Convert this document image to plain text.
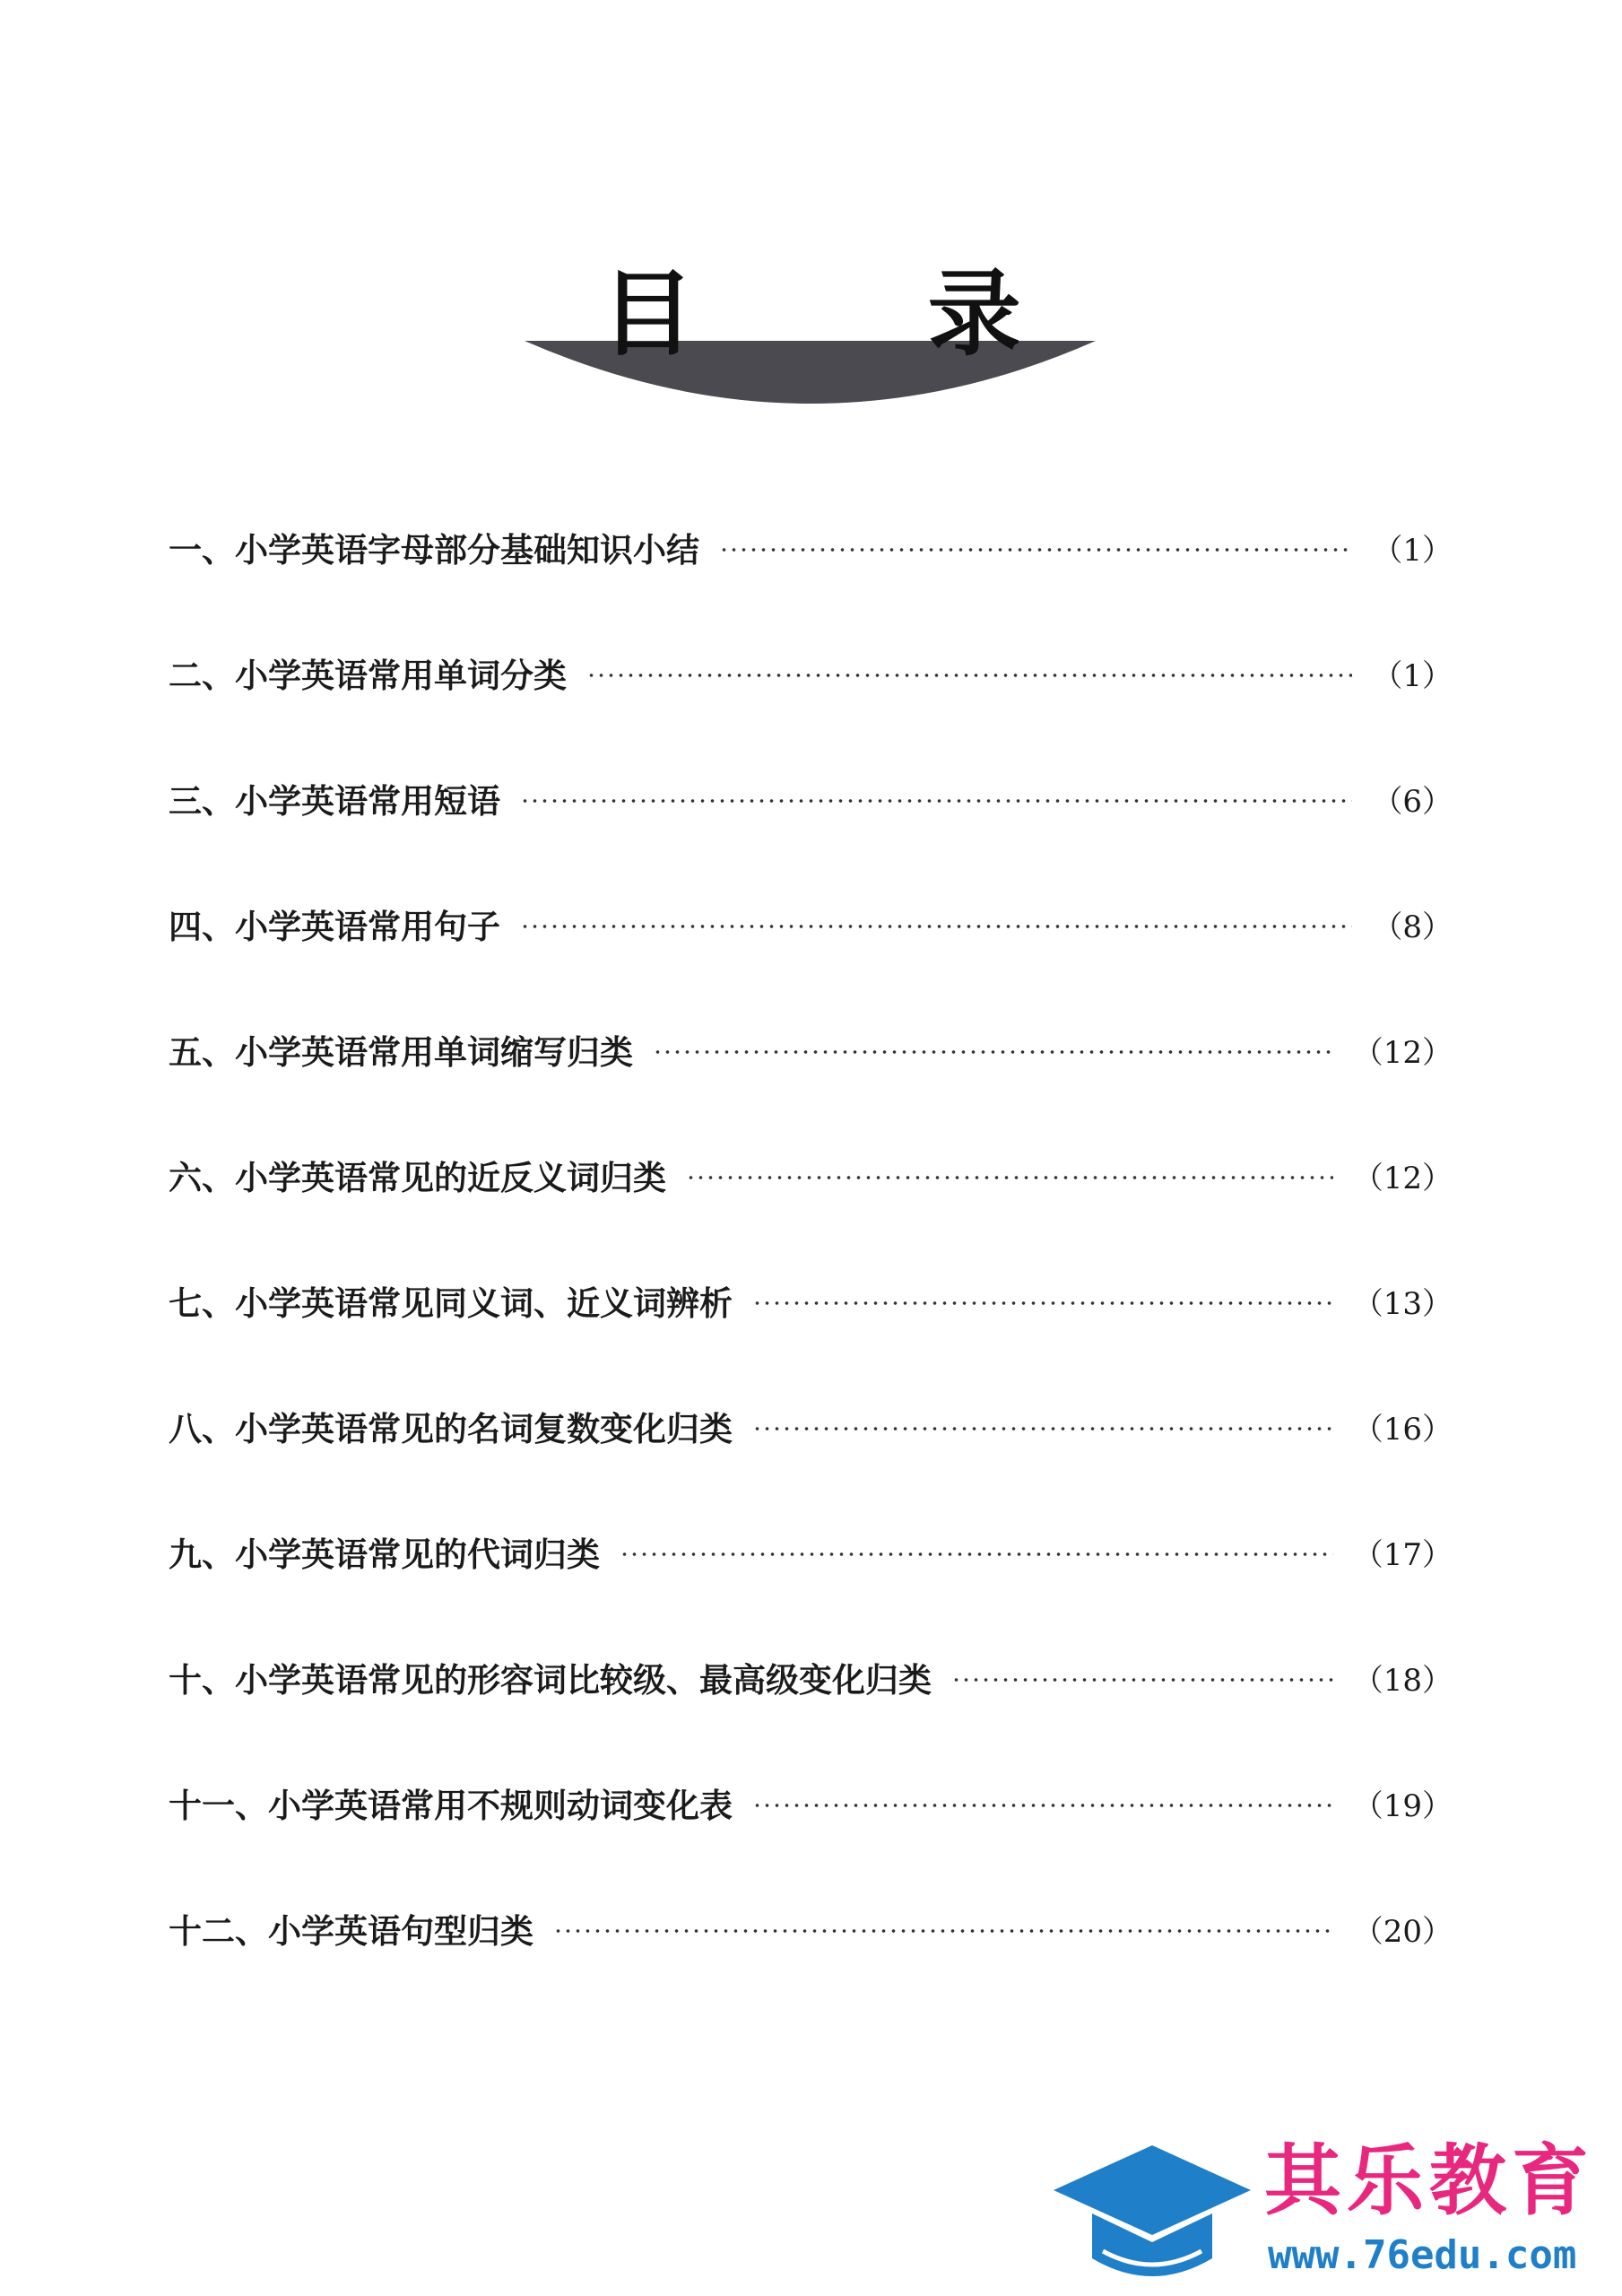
目 录
一、小学英语字母部分基础知识小结	（1）
二、小学英语常用单词分类	（1）
三、小学英语常用短语	（6）
四、小学英语常用句子	（8）
五、小学英语常用单词缩写归类	（12）
六、小学英语常见的近反义词归类	（12）
七、小学英语常见同义词、近义词辨析	（13）
八、小学英语常见的名词复数变化归类	（16）
九、小学英语常见的代词归类	（17）
十、小学英语常见的形容词比较级、最高级变化归类	（18）
十一、小学英语常用不规则动词变化表	（19）
十二、小学英语句型归类	（20）
其乐教育
www.76edu.com
